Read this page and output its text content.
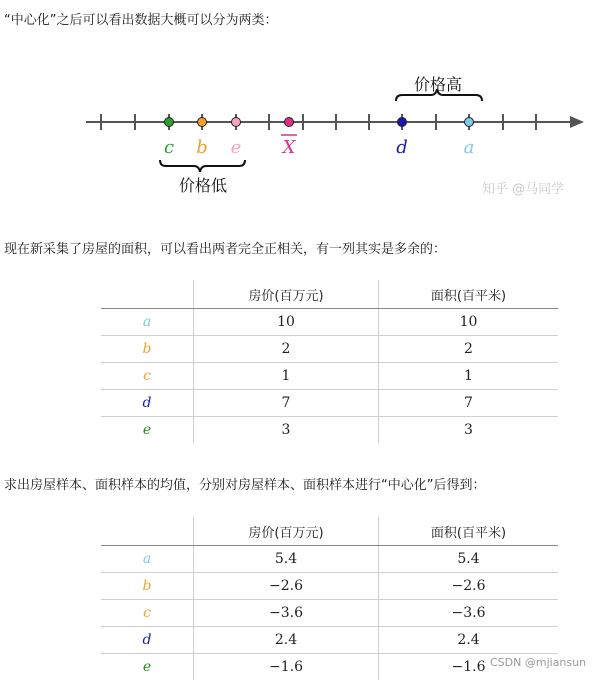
“中心化”之后可以看出数据大概可以分为两类：
价格高
c b e X	d	a
价格低	知乎 @马同学
现在新采集了房屋的面积，可以看出两者完全正相关，有一列其实是多余的：
	房价(百万元)	面积(百平米)
a	10	10
b	2	2
c	1	1
d	7	7
e	3	3
求出房屋样本、面积样本的均值，分别对房屋样本、面积样本进行“中心化”后得到：
	房价(百万元)	面积(百平米)
a	5.4	5.4
b	−2.6	−2.6
c	−3.6	−3.6
d	2.4	2.4
e	−1.6	−1.6 CSDN @mjiansun
